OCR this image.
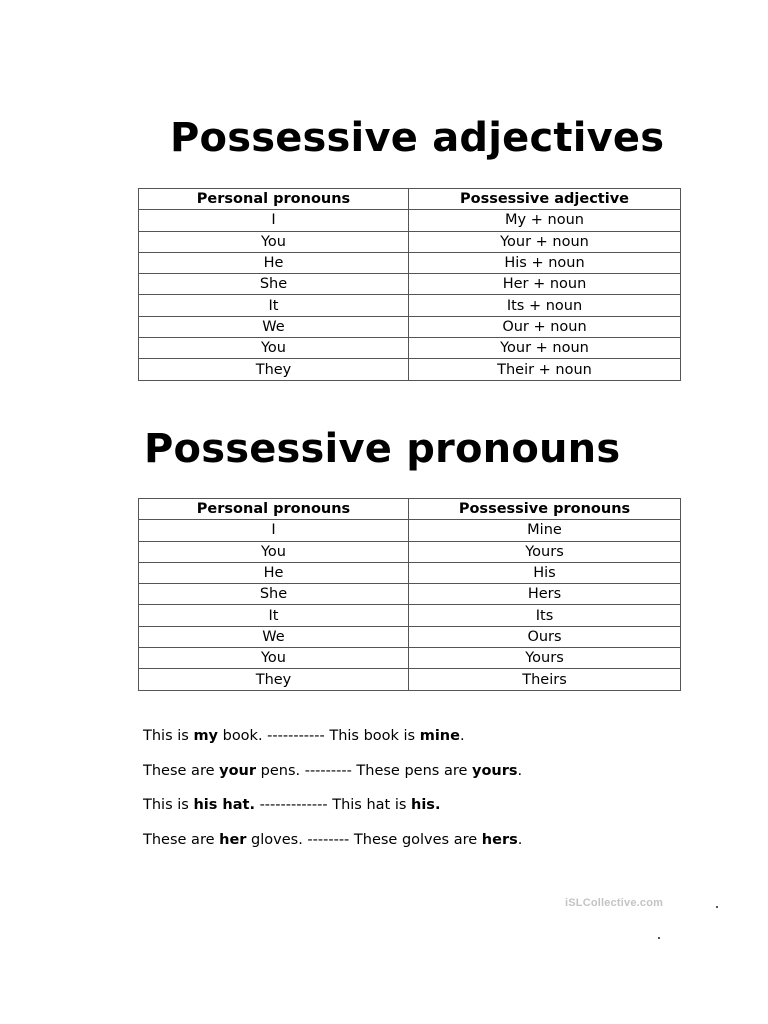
Possessive adjectives
Personal pronouns	Possessive adjective
I	My + noun
You	Your + noun
He	His + noun
She	Her + noun
It	Its + noun
We	Our + noun
You	Your + noun
They	Their + noun
Possessive pronouns
Personal pronouns	Possessive pronouns
I	Mine
You	Yours
He	His
She	Hers
It	Its
We	Ours
You	Yours
They	Theirs
This is my book. ----------- This book is mine.
These are your pens. --------- These pens are yours.
This is his hat. ------------- This hat is his.
These are her gloves. -------- These golves are hers.
iSLCollective.com
